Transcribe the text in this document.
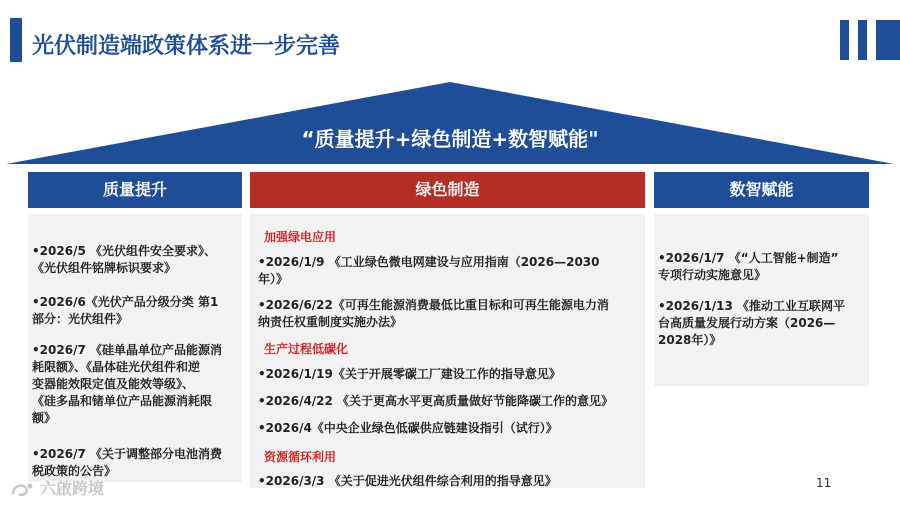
光伏制造端政策体系进一步完善
“质量提升+绿色制造+数智赋能"
质量提升
•2026/5 《光伏组件安全要求》、
《光伏组件铭牌标识要求》
•2026/6《光伏产品分级分类 第1
部分：光伏组件》
•2026/7 《硅单晶单位产品能源消
耗限额》、《晶体硅光伏组件和逆
变器能效限定值及能效等级》、
《硅多晶和锗单位产品能源消耗限
额》
•2026/7 《关于调整部分电池消费
税政策的公告》
绿色制造
加强绿电应用
•2026/1/9 《工业绿色微电网建设与应用指南（2026—2030
年）》
•2026/6/22《可再生能源消费最低比重目标和可再生能源电力消
纳责任权重制度实施办法》
生产过程低碳化
•2026/1/19《关于开展零碳工厂建设工作的指导意见》
•2026/4/22 《关于更高水平更高质量做好节能降碳工作的意见》
•2026/4《中央企业绿色低碳供应链建设指引（试行）》
资源循环利用
•2026/3/3 《关于促进光伏组件综合利用的指导意见》
数智赋能
•2026/1/7 《“人工智能+制造”
专项行动实施意见》
•2026/1/13 《推动工业互联网平
台高质量发展行动方案（2026—
2028年）》
11
六啟跨境
